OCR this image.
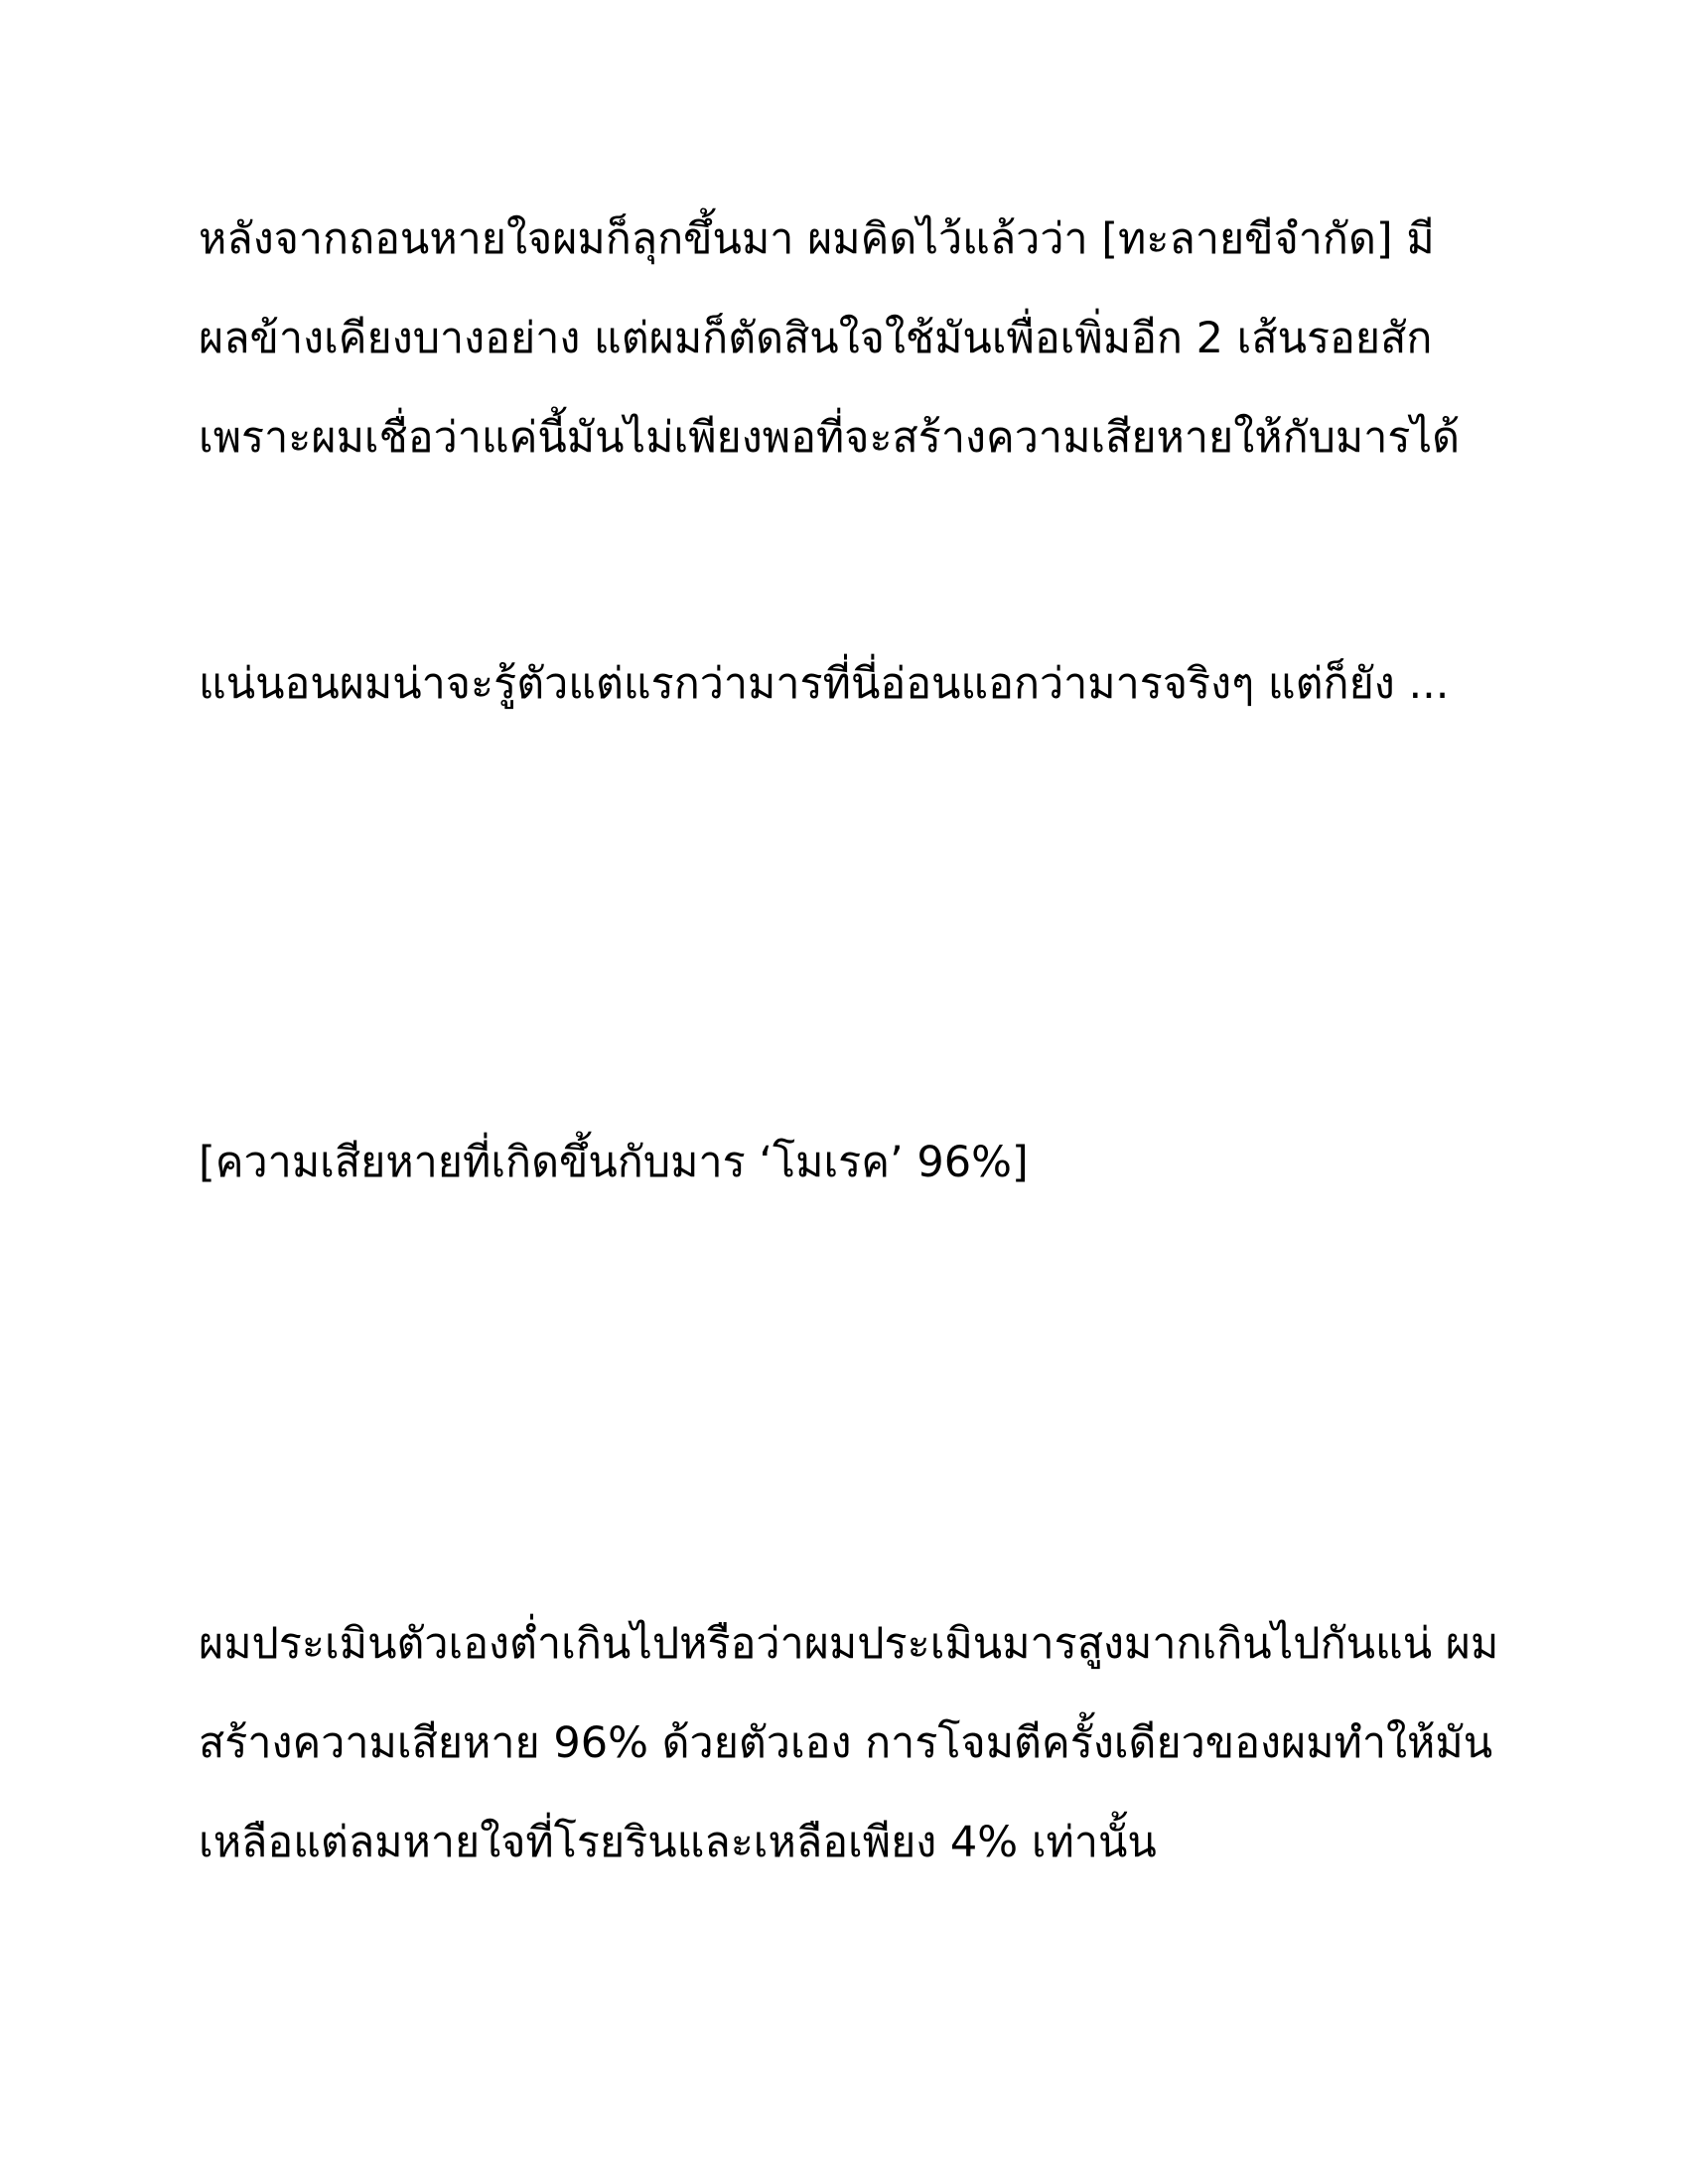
หลังจากถอนหายใจผมก็ลุกขึ้นมา ผมคิดไว้แล้วว่า [ทะลายขีจำกัด] มี

ผลข้างเคียงบางอย่าง แต่ผมก็ตัดสินใจใช้มันเพื่อเพิ่มอีก 2 เส้นรอยสัก

เพราะผมเชื่อว่าแค่นี้มันไม่เพียงพอที่จะสร้างความเสียหายให้กับมารได้

แน่นอนผมน่าจะรู้ตัวแต่แรกว่ามารที่นี่อ่อนแอกว่ามารจริงๆ แต่ก็ยัง ...

[ความเสียหายที่เกิดขึ้นกับมาร ‘โมเรค’ 96%]

ผมประเมินตัวเองต่ำเกินไปหรือว่าผมประเมินมารสูงมากเกินไปกันแน่ ผม

สร้างความเสียหาย 96% ด้วยตัวเอง การโจมตีครั้งเดียวของผมทำให้มัน

เหลือแต่ลมหายใจที่โรยรินและเหลือเพียง 4% เท่านั้น
